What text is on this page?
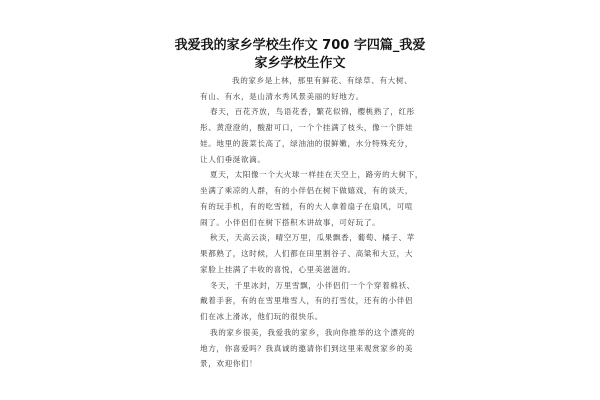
我爱我的家乡学校生作文 700 字四篇_我爱
家乡学校生作文
我的家乡是上林，那里有鲜花、有绿草、有大树、
有山、有水，是山清水秀风景美丽的好地方。
春天，百花齐放，鸟语花香，繁花似锦，樱桃熟了，红彤
彤、黄澄澄的，酸甜可口，一个个挂满了枝头，像一个胖娃
娃。地里的菠菜长高了，绿油油的很鲜嫩，水分特殊充分，
让人们垂涎欲滴。
夏天，太阳像一个大火球一样挂在天空上，路旁的大树下，
坐满了乘凉的人群，有的小伴侣在树下做嬉戏，有的谈天，
有的玩手机，有的吃雪糕，有的大人拿着扇子在扇风，可喧
闹了。小伴侣们在树下搭积木讲故事，可好玩了。
秋天，天高云淡，晴空万里，瓜果飘香，葡萄、橘子、苹
果都熟了，这时候，人们都在田里割谷子、高粱和大豆，大
家脸上挂满了丰收的喜悦，心里美滋滋的。
冬天，千里冰封，万里雪飘，小伴侣们一个个穿着棉袄、
戴着手套，有的在雪里堆雪人，有的打雪仗，还有的小伴侣
们在冰上滑冰，他们玩的很快乐。
我的家乡很美，我爱我的家乡，我向你推举的这个漂亮的
地方，你喜爱吗？我真诚的邀请你们到这里来观赏家乡的美
景，欢迎你们！
